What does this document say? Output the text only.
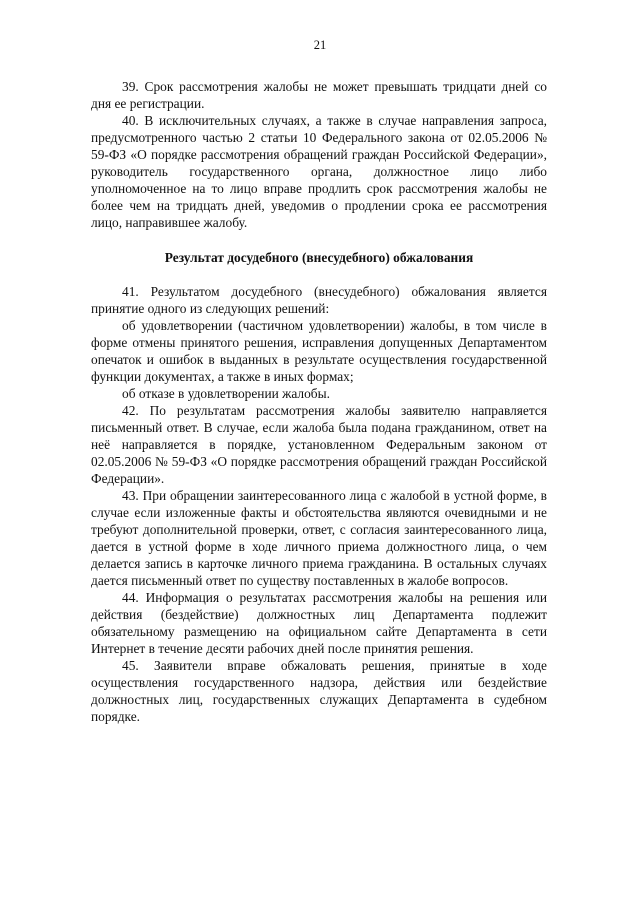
21

39. Срок рассмотрения жалобы не может превышать тридцати дней со дня ее регистрации.

40. В исключительных случаях, а также в случае направления запроса, предусмотренного частью 2 статьи 10 Федерального закона от 02.05.2006 № 59-ФЗ «О порядке рассмотрения обращений граждан Российской Федерации», руководитель государственного органа, должностное лицо либо уполномоченное на то лицо вправе продлить срок рассмотрения жалобы не более чем на тридцать дней, уведомив о продлении срока ее рассмотрения лицо, направившее жалобу.

Результат досудебного (внесудебного) обжалования

41. Результатом досудебного (внесудебного) обжалования является принятие одного из следующих решений:

об удовлетворении (частичном удовлетворении) жалобы, в том числе в форме отмены принятого решения, исправления допущенных Департаментом опечаток и ошибок в выданных в результате осуществления государственной функции документах, а также в иных формах;

об отказе в удовлетворении жалобы.

42. По результатам рассмотрения жалобы заявителю направляется письменный ответ. В случае, если жалоба была подана гражданином, ответ на неё направляется в порядке, установленном Федеральным законом от 02.05.2006 № 59-ФЗ «О порядке рассмотрения обращений граждан Российской Федерации».

43. При обращении заинтересованного лица с жалобой в устной форме, в случае если изложенные факты и обстоятельства являются очевидными и не требуют дополнительной проверки, ответ, с согласия заинтересованного лица, дается в устной форме в ходе личного приема должностного лица, о чем делается запись в карточке личного приема гражданина. В остальных случаях дается письменный ответ по существу поставленных в жалобе вопросов.

44. Информация о результатах рассмотрения жалобы на решения или действия (бездействие) должностных лиц Департамента подлежит обязательному размещению на официальном сайте Департамента в сети Интернет в течение десяти рабочих дней после принятия решения.

45. Заявители вправе обжаловать решения, принятые в ходе осуществления государственного надзора, действия или бездействие должностных лиц, государственных служащих Департамента в судебном порядке.
